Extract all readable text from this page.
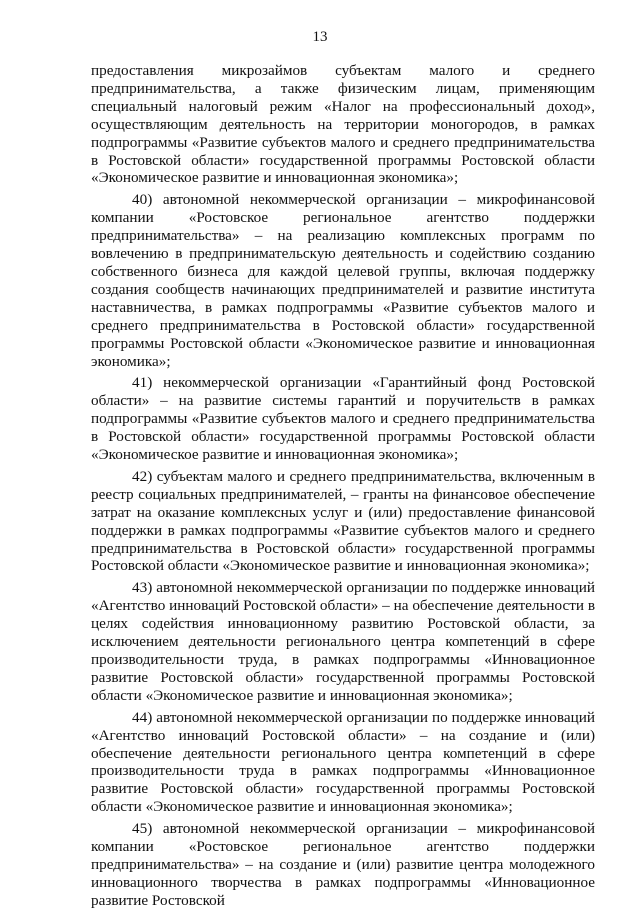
13

предоставления микрозаймов субъектам малого и среднего предпринимательства, а также физическим лицам, применяющим специальный налоговый режим «Налог на профессиональный доход», осуществляющим деятельность на территории моногородов, в рамках подпрограммы «Развитие субъектов малого и среднего предпринимательства в Ростовской области» государственной программы Ростовской области «Экономическое развитие и инновационная экономика»;

40) автономной некоммерческой организации – микрофинансовой компании «Ростовское региональное агентство поддержки предпринимательства» – на реализацию комплексных программ по вовлечению в предпринимательскую деятельность и содействию созданию собственного бизнеса для каждой целевой группы, включая поддержку создания сообществ начинающих предпринимателей и развитие института наставничества, в рамках подпрограммы «Развитие субъектов малого и среднего предпринимательства в Ростовской области» государственной программы Ростовской области «Экономическое развитие и инновационная экономика»;

41) некоммерческой организации «Гарантийный фонд Ростовской области» – на развитие системы гарантий и поручительств в рамках подпрограммы «Развитие субъектов малого и среднего предпринимательства в Ростовской области» государственной программы Ростовской области «Экономическое развитие и инновационная экономика»;

42) субъектам малого и среднего предпринимательства, включенным в реестр социальных предпринимателей, – гранты на финансовое обеспечение затрат на оказание комплексных услуг и (или) предоставление финансовой поддержки в рамках подпрограммы «Развитие субъектов малого и среднего предпринимательства в Ростовской области» государственной программы Ростовской области «Экономическое развитие и инновационная экономика»;

43) автономной некоммерческой организации по поддержке инноваций «Агентство инноваций Ростовской области» – на обеспечение деятельности в целях содействия инновационному развитию Ростовской области, за исключением деятельности регионального центра компетенций в сфере производительности труда, в рамках подпрограммы «Инновационное развитие Ростовской области» государственной программы Ростовской области «Экономическое развитие и инновационная экономика»;

44) автономной некоммерческой организации по поддержке инноваций «Агентство инноваций Ростовской области» – на создание и (или) обеспечение деятельности регионального центра компетенций в сфере производительности труда в рамках подпрограммы «Инновационное развитие Ростовской области» государственной программы Ростовской области «Экономическое развитие и инновационная экономика»;

45) автономной некоммерческой организации – микрофинансовой компании «Ростовское региональное агентство поддержки предпринимательства» – на создание и (или) развитие центра молодежного инновационного творчества в рамках подпрограммы «Инновационное развитие Ростовской
